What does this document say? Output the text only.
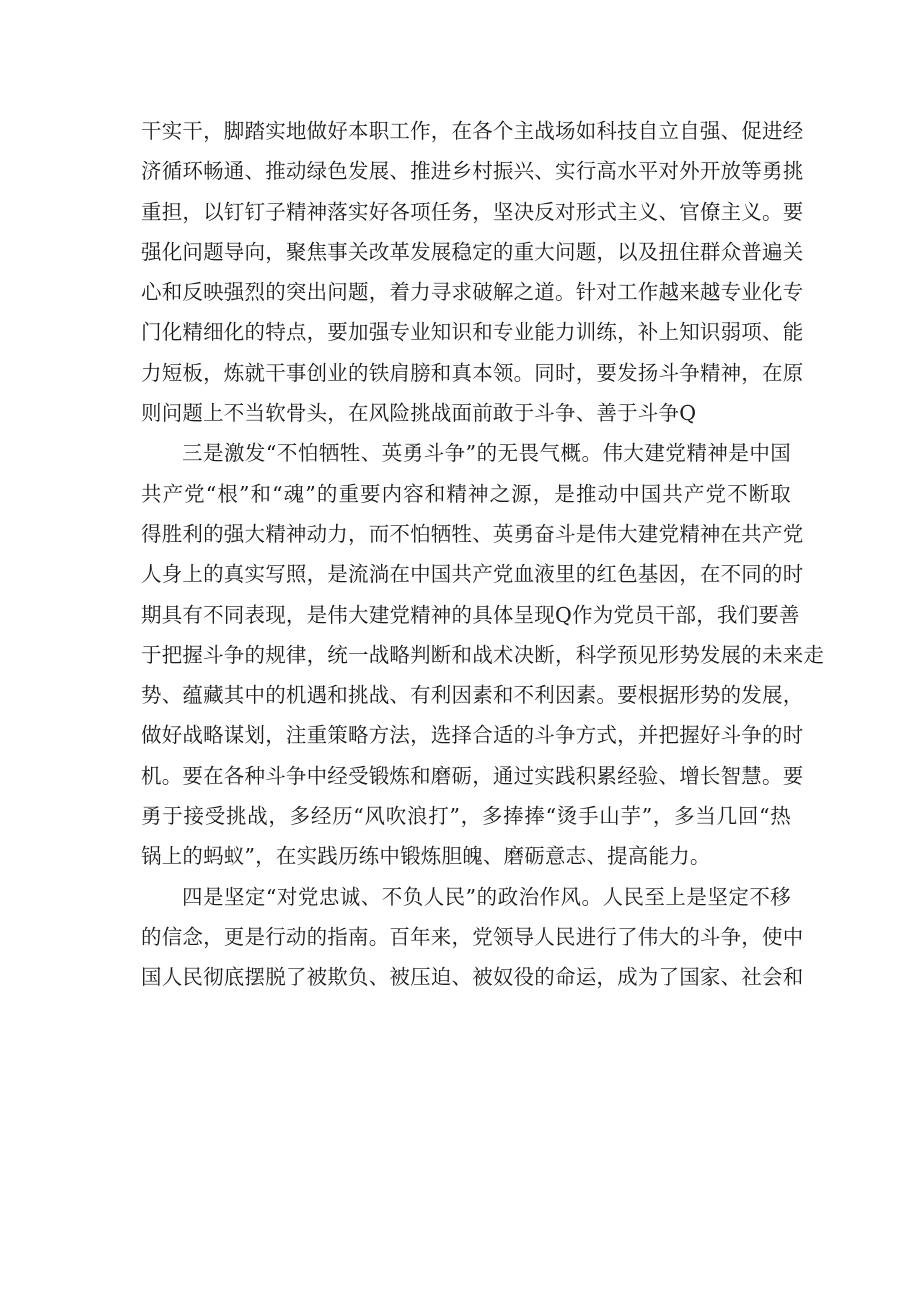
干实干，脚踏实地做好本职工作，在各个主战场如科技自立自强、促进经
济循环畅通、推动绿色发展、推进乡村振兴、实行高水平对外开放等勇挑
重担，以钉钉子精神落实好各项任务，坚决反对形式主义、官僚主义。要
强化问题导向，聚焦事关改革发展稳定的重大问题，以及扭住群众普遍关
心和反映强烈的突出问题，着力寻求破解之道。针对工作越来越专业化专
门化精细化的特点，要加强专业知识和专业能力训练，补上知识弱项、能
力短板，炼就干事创业的铁肩膀和真本领。同时，要发扬斗争精神，在原
则问题上不当软骨头，在风险挑战面前敢于斗争、善于斗争Q
三是激发“不怕牺牲、英勇斗争”的无畏气概。伟大建党精神是中国
共产党“根”和“魂”的重要内容和精神之源，是推动中国共产党不断取
得胜利的强大精神动力，而不怕牺牲、英勇奋斗是伟大建党精神在共产党
人身上的真实写照，是流淌在中国共产党血液里的红色基因，在不同的时
期具有不同表现，是伟大建党精神的具体呈现Q作为党员干部，我们要善
于把握斗争的规律，统一战略判断和战术决断，科学预见形势发展的未来走
势、蕴藏其中的机遇和挑战、有利因素和不利因素。要根据形势的发展，
做好战略谋划，注重策略方法，选择合适的斗争方式，并把握好斗争的时
机。要在各种斗争中经受锻炼和磨砺，通过实践积累经验、增长智慧。要
勇于接受挑战，多经历“风吹浪打”，多捧捧“烫手山芋”，多当几回“热
锅上的蚂蚁”，在实践历练中锻炼胆魄、磨砺意志、提高能力。
四是坚定“对党忠诚、不负人民”的政治作风。人民至上是坚定不移
的信念，更是行动的指南。百年来，党领导人民进行了伟大的斗争，使中
国人民彻底摆脱了被欺负、被压迫、被奴役的命运，成为了国家、社会和
